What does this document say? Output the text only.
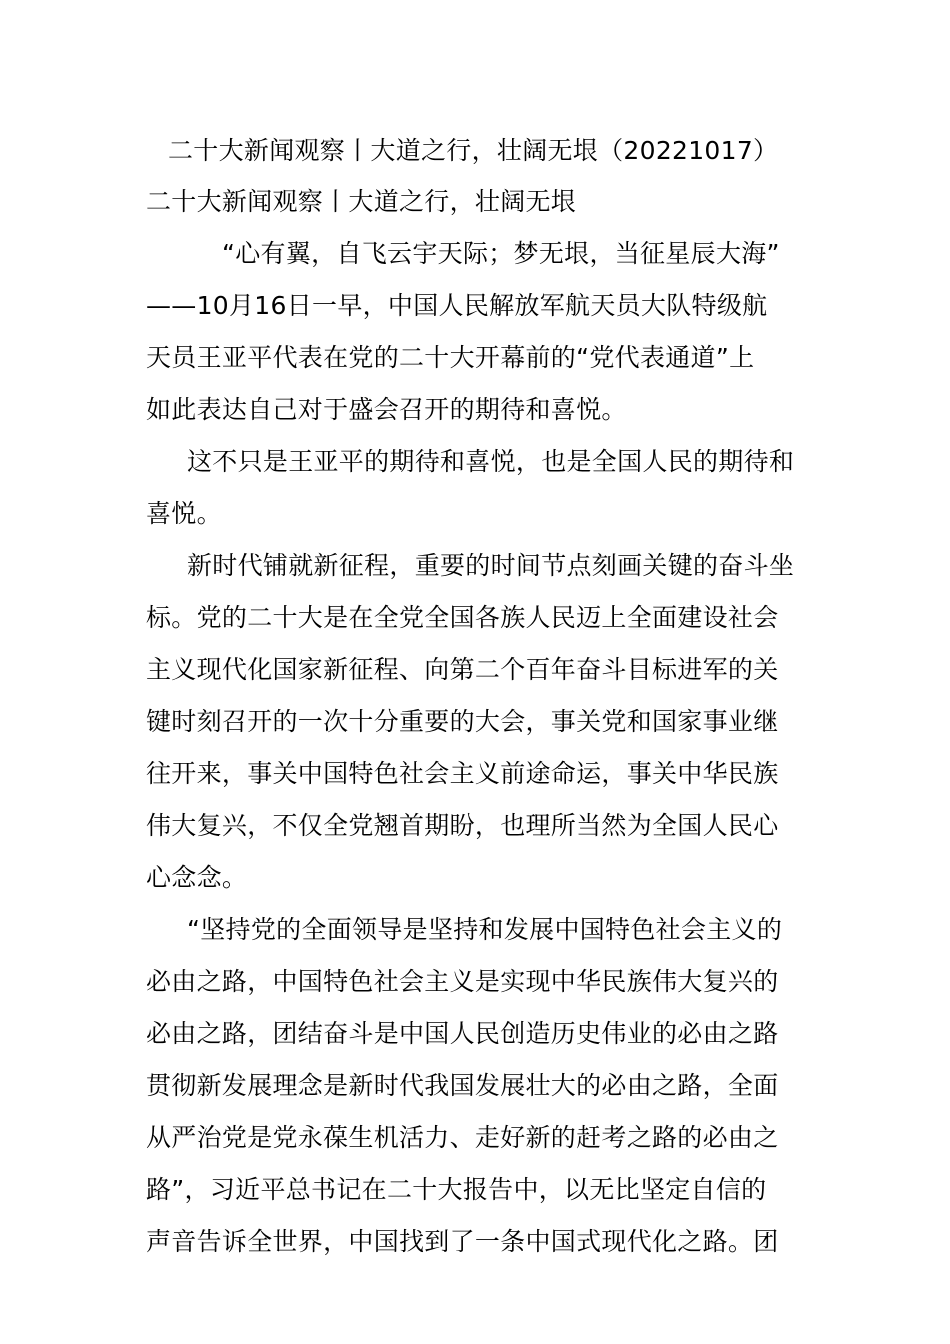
二十大新闻观察丨大道之行，壮阔无垠（20221017）
二十大新闻观察丨大道之行，壮阔无垠
“心有翼，自飞云宇天际；梦无垠，当征星辰大海”
——10月16日一早，中国人民解放军航天员大队特级航
天员王亚平代表在党的二十大开幕前的“党代表通道”上
如此表达自己对于盛会召开的期待和喜悦。
这不只是王亚平的期待和喜悦，也是全国人民的期待和
喜悦。
新时代铺就新征程，重要的时间节点刻画关键的奋斗坐
标。党的二十大是在全党全国各族人民迈上全面建设社会
主义现代化国家新征程、向第二个百年奋斗目标进军的关
键时刻召开的一次十分重要的大会，事关党和国家事业继
往开来，事关中国特色社会主义前途命运，事关中华民族
伟大复兴，不仅全党翘首期盼，也理所当然为全国人民心
心念念。
“坚持党的全面领导是坚持和发展中国特色社会主义的
必由之路，中国特色社会主义是实现中华民族伟大复兴的
必由之路，团结奋斗是中国人民创造历史伟业的必由之路
贯彻新发展理念是新时代我国发展壮大的必由之路，全面
从严治党是党永葆生机活力、走好新的赶考之路的必由之
路”，习近平总书记在二十大报告中，以无比坚定自信的
声音告诉全世界，中国找到了一条中国式现代化之路。团
